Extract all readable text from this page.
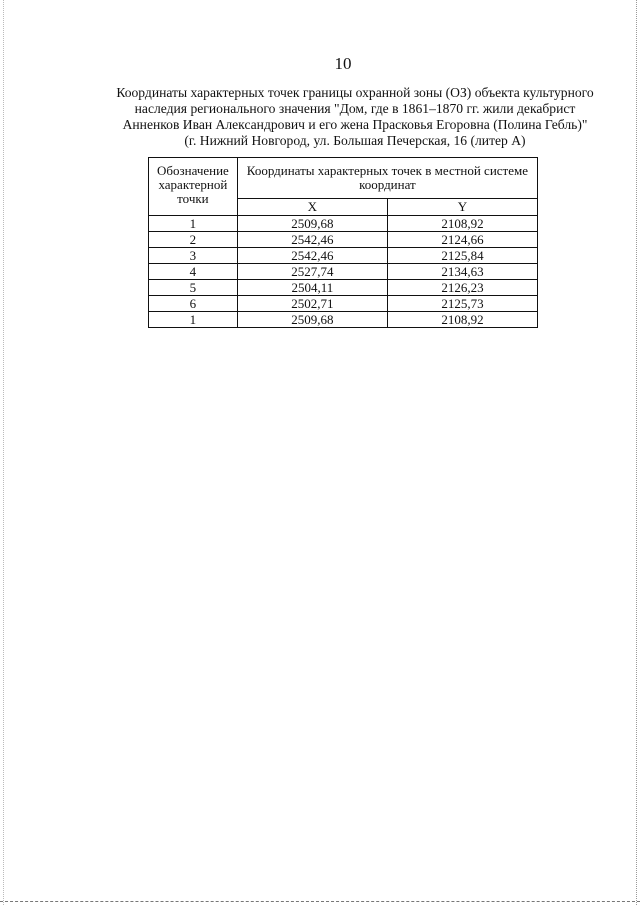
10
Координаты характерных точек границы охранной зоны (ОЗ) объекта культурного наследия регионального значения "Дом, где в 1861–1870 гг. жили декабрист Анненков Иван Александрович и его жена Прасковья Егоровна (Полина Гебль)" (г. Нижний Новгород, ул. Большая Печерская, 16 (литер А)
Обозначение характерной точки	Координаты характерных точек в местной системе координат	
	X	Y
1	2509,68	2108,92
2	2542,46	2124,66
3	2542,46	2125,84
4	2527,74	2134,63
5	2504,11	2126,23
6	2502,71	2125,73
1	2509,68	2108,92
